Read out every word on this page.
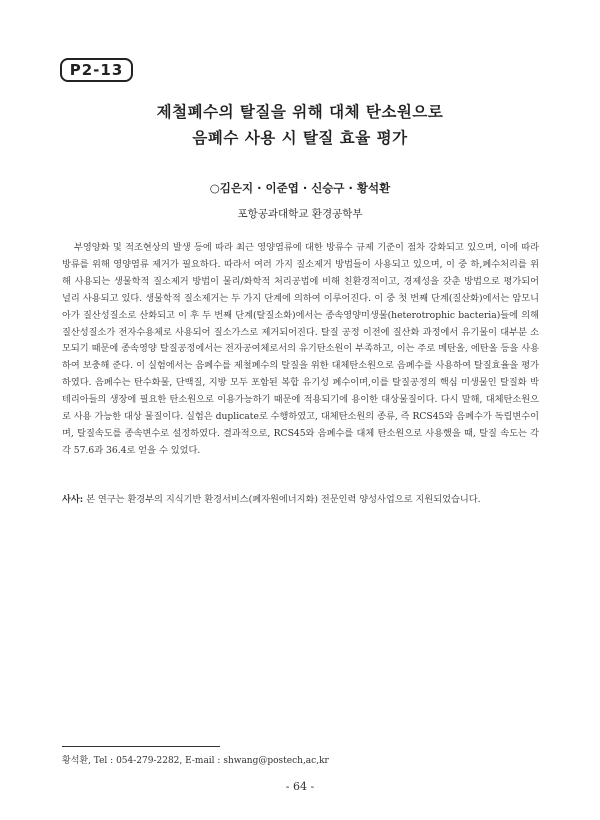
P2-13
제철폐수의 탈질을 위해 대체 탄소원으로
음폐수 사용 시 탈질 효율 평가
○김은지 · 이준엽 · 신승구 · 황석환
포항공과대학교 환경공학부

부영양화 및 적조현상의 발생 등에 따라 최근 영양염류에 대한 방류수 규제 기준이 점차 강화되고 있으며, 이에 따라 방류를 위해 영양염류 제거가 필요하다. 따라서 여러 가지 질소제거 방법들이 사용되고 있으며, 이 중 하,폐수처리를 위해 사용되는 생물학적 질소제거 방법이 물리/화학적 처리공법에 비해 친환경적이고, 경제성을 갖춘 방법으로 평가되어 널리 사용되고 있다. 생물학적 질소제거는 두 가지 단계에 의하여 이루어진다. 이 중 첫 번째 단계(질산화)에서는 암모니아가 질산성질소로 산화되고 이 후 두 번째 단계(탈질소화)에서는 종속영양미생물(heterotrophic bacteria)들에 의해 질산성질소가 전자수용체로 사용되어 질소가스로 제거되어진다. 탈질 공정 이전에 질산화 과정에서 유기물이 대부분 소모되기 때문에 종속영양 탈질공정에서는 전자공여체로서의 유기탄소원이 부족하고, 이는 주로 메탄올, 에탄올 등을 사용하여 보충해 준다. 이 실험에서는 음폐수를 제철폐수의 탈질을 위한 대체탄소원으로 음폐수를 사용하여 탈질효율을 평가하였다. 음폐수는 탄수화물, 단백질, 지방 모두 포함된 복합 유기성 폐수이며,이를 탈질공정의 핵심 미생물인 탈질화 박테리아들의 생장에 필요한 탄소원으로 이용가능하기 때문에 적용되기에 용이한 대상물질이다. 다시 말해, 대체탄소원으로 사용 가능한 대상 물질이다. 실험은 duplicate로 수행하였고, 대체탄소원의 종류, 즉 RCS45와 음폐수가 독립변수이며, 탈질속도를 종속변수로 설정하였다. 결과적으로, RCS45와 음폐수를 대체 탄소원으로 사용했을 때, 탈질 속도는 각각 57.6과 36.4로 얻을 수 있었다.

사사: 본 연구는 환경부의 지식기반 환경서비스(폐자원에너지화) 전문인력 양성사업으로 지원되었습니다.

황석환, Tel : 054-279-2282, E-mail : shwang@postech,ac,kr
- 64 -
